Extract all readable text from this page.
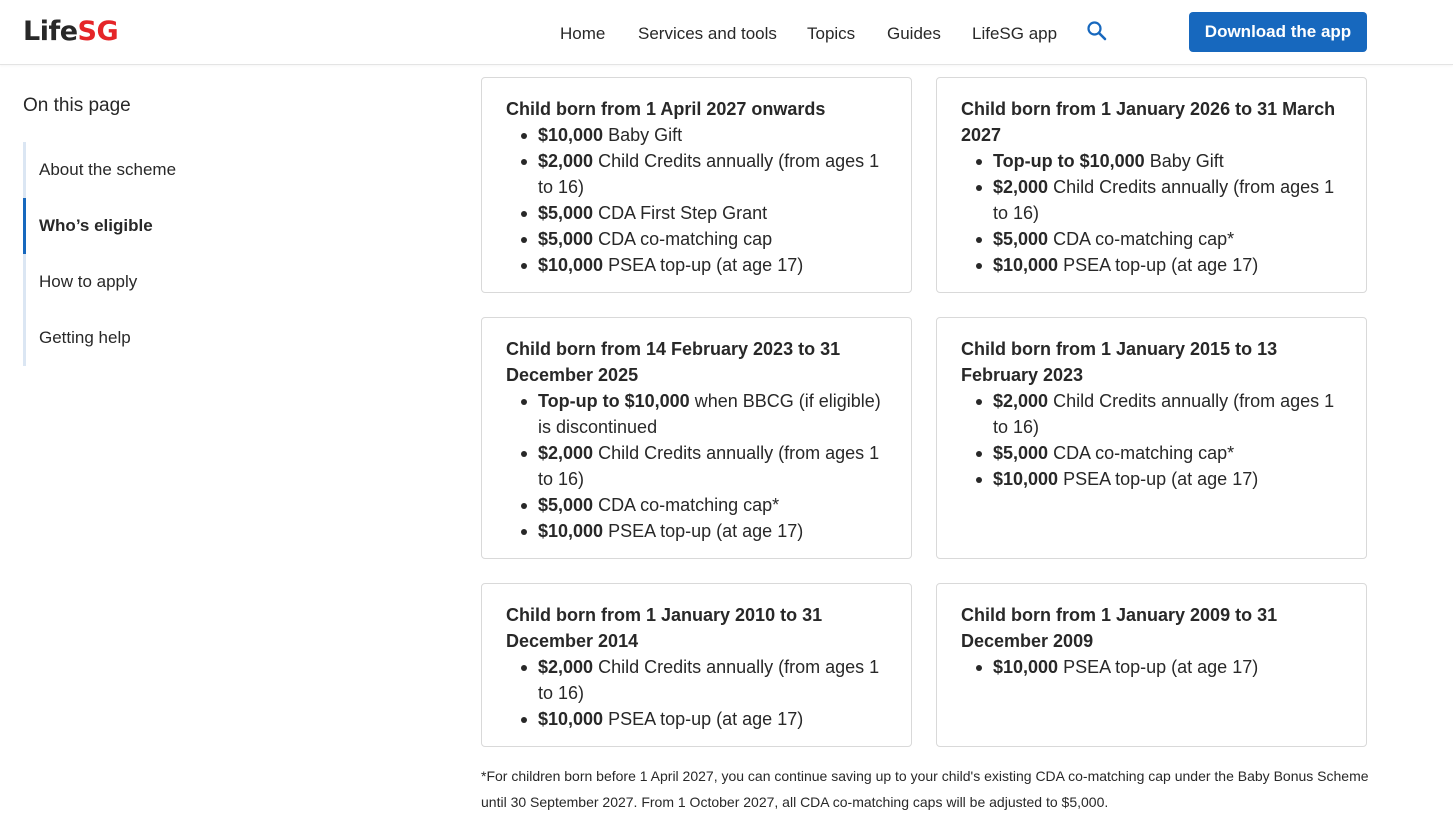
LifeSG	Home Services and tools Topics Guides LifeSG app	Download the app
On this page
About the scheme
Who’s eligible
How to apply
Getting help
Child born from 1 April 2027 onwards
$10,000 Baby Gift
$2,000 Child Credits annually (from ages 1 to 16)
$5,000 CDA First Step Grant
$5,000 CDA co-matching cap
$10,000 PSEA top-up (at age 17)
Child born from 1 January 2026 to 31 March 2027
Top-up to $10,000 Baby Gift
$2,000 Child Credits annually (from ages 1 to 16)
$5,000 CDA co-matching cap*
$10,000 PSEA top-up (at age 17)
Child born from 14 February 2023 to 31 December 2025
Top-up to $10,000 when BBCG (if eligible) is discontinued
$2,000 Child Credits annually (from ages 1 to 16)
$5,000 CDA co-matching cap*
$10,000 PSEA top-up (at age 17)
Child born from 1 January 2015 to 13 February 2023
$2,000 Child Credits annually (from ages 1 to 16)
$5,000 CDA co-matching cap*
$10,000 PSEA top-up (at age 17)
Child born from 1 January 2010 to 31 December 2014
$2,000 Child Credits annually (from ages 1 to 16)
$10,000 PSEA top-up (at age 17)
Child born from 1 January 2009 to 31 December 2009
$10,000 PSEA top-up (at age 17)

*For children born before 1 April 2027, you can continue saving up to your child's existing CDA co-matching cap under the Baby Bonus Scheme until 30 September 2027. From 1 October 2027, all CDA co-matching caps will be adjusted to $5,000.
